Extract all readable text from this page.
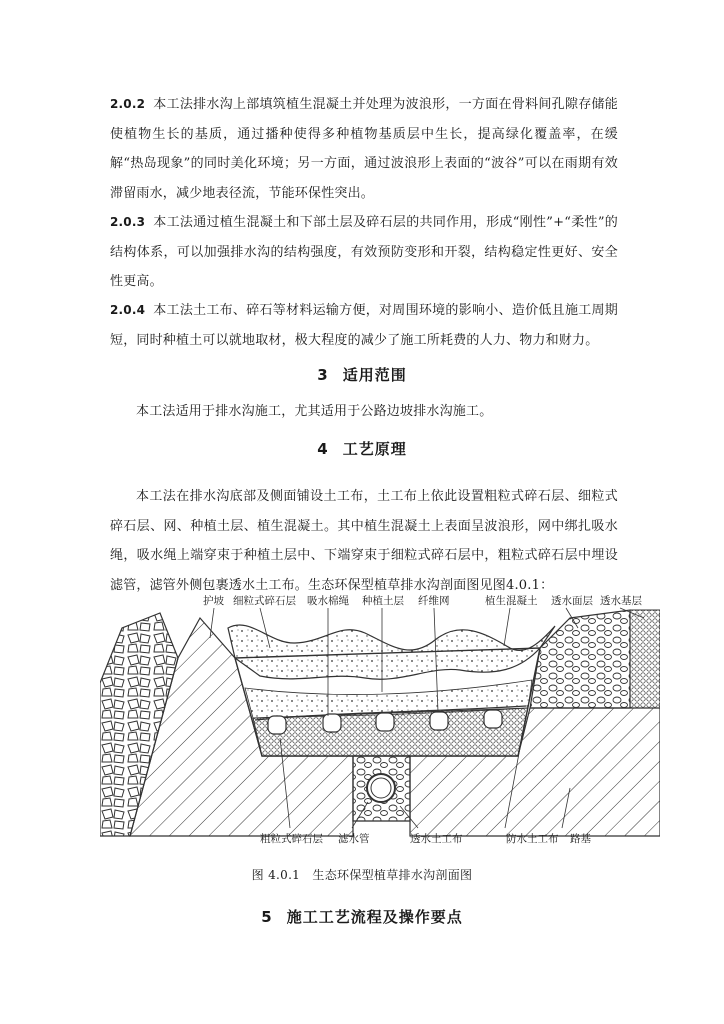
2.0.2 本工法排水沟上部填筑植生混凝土并处理为波浪形，一方面在骨料间孔隙存储能使植物生长的基质，通过播种使得多种植物基质层中生长，提高绿化覆盖率，在缓解“热岛现象”的同时美化环境；另一方面，通过波浪形上表面的“波谷”可以在雨期有效滞留雨水，减少地表径流，节能环保性突出。
2.0.3 本工法通过植生混凝土和下部土层及碎石层的共同作用，形成“刚性”+“柔性”的结构体系，可以加强排水沟的结构强度，有效预防变形和开裂，结构稳定性更好、安全性更高。
2.0.4 本工法土工布、碎石等材料运输方便，对周围环境的影响小、造价低且施工周期短，同时种植土可以就地取材，极大程度的减少了施工所耗费的人力、物力和财力。
3 适用范围
本工法适用于排水沟施工，尤其适用于公路边坡排水沟施工。
4 工艺原理
本工法在排水沟底部及侧面铺设土工布，土工布上依此设置粗粒式碎石层、细粒式碎石层、网、种植土层、植生混凝土。其中植生混凝土上表面呈波浪形，网中绑扎吸水绳，吸水绳上端穿束于种植土层中、下端穿束于细粒式碎石层中，粗粒式碎石层中埋设滤管，滤管外侧包裹透水土工布。生态环保型植草排水沟剖面图见图4.0.1：
护坡 细粒式碎石层 吸水棉绳 种植土层 纤维网	植生混凝土 透水面层 透水基层
粗粒式碎石层 滤水管	透水土工布	防水土工布 路基
图 4.0.1　生态环保型植草排水沟剖面图
5 施工工艺流程及操作要点
